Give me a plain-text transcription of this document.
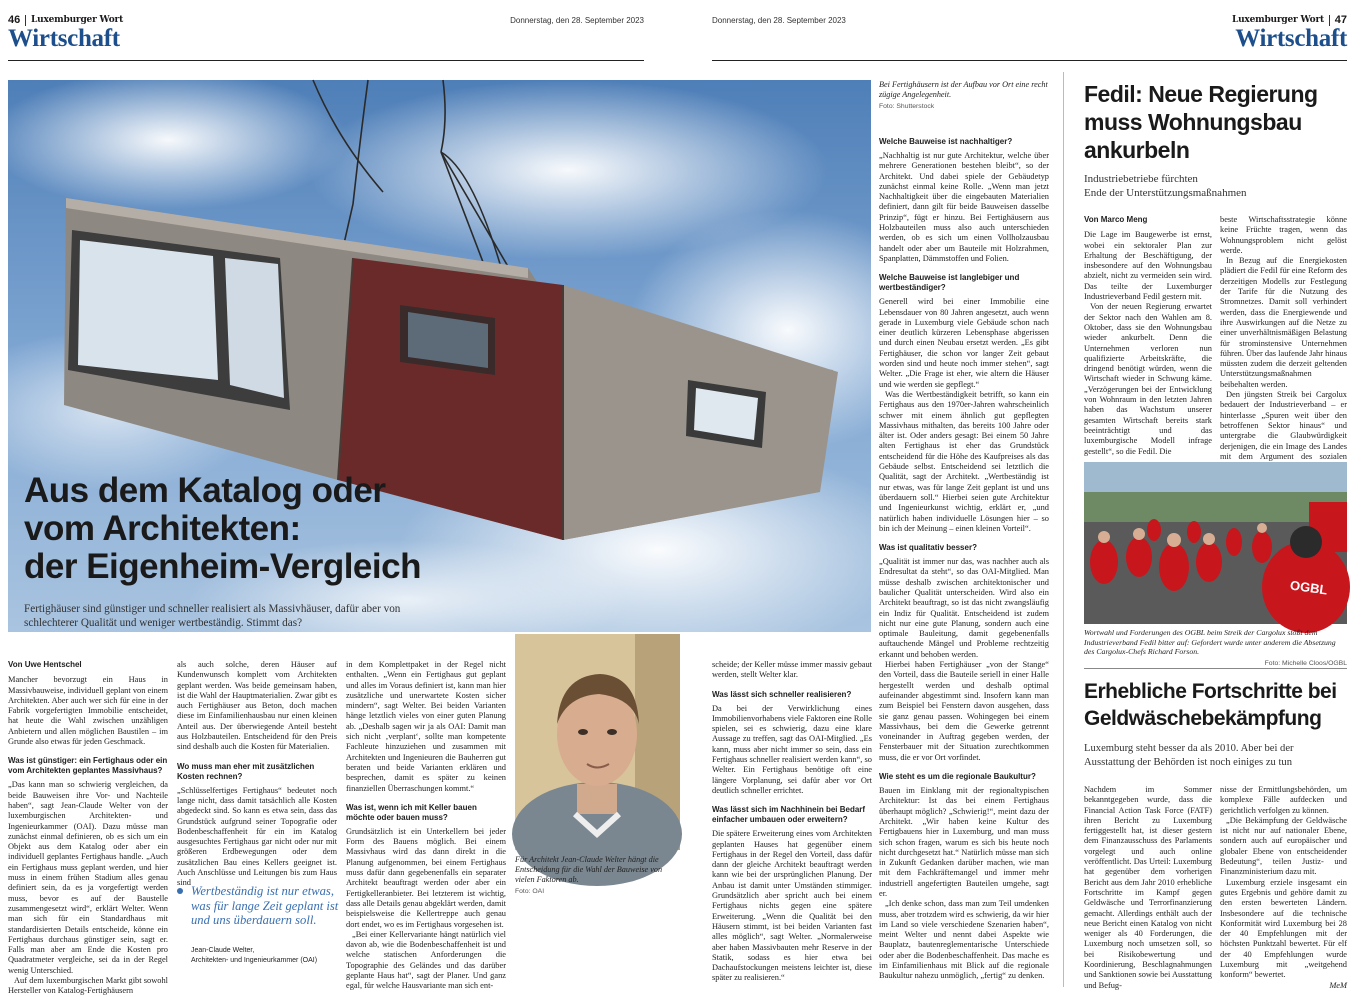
46 Luxemburger Wort	Donnerstag, den 28. September 2023
Wirtschaft
Donnerstag, den 28. September 2023	Luxemburger Wort 47
Wirtschaft
Aus dem Katalog oder
vom Architekten:
der Eigenheim-Vergleich
Fertighäuser sind günstiger und schneller realisiert als Massivhäuser, dafür aber von schlechterer Qualität und weniger wertbeständig. Stimmt das?
Bei Fertighäusern ist der Aufbau vor Ort eine recht zügige Angelegenheit.
Foto: Shutterstock
Von Uwe Hentschel

Mancher bevorzugt ein Haus in Massivbauweise, individuell geplant von einem Architekten. Aber auch wer sich für eine in der Fabrik vorgefertigten Immobilie entscheidet, hat heute die Wahl zwischen unzähligen Anbietern und allen möglichen Baustilen – im Grunde also etwas für jeden Geschmack.

Was ist günstiger: ein Fertighaus oder ein vom Architekten geplantes Massivhaus?

„Das kann man so schwierig vergleichen, da beide Bauweisen ihre Vor- und Nachteile haben“, sagt Jean-Claude Welter von der luxemburgischen Architekten- und Ingenieurkammer (OAI). Dazu müsse man zunächst einmal definieren, ob es sich um ein Objekt aus dem Katalog oder aber ein individuell geplantes Fertighaus handle. „Auch ein Fertighaus muss geplant werden, und hier muss in einem frühen Stadium alles genau definiert sein, da es ja vorgefertigt werden muss, bevor es auf der Baustelle zusammengesetzt wird“, erklärt Welter. Wenn man sich für ein Standardhaus mit standardisierten Details entscheide, könne ein Fertighaus durchaus günstiger sein, sagt er. Falls man aber am Ende die Kosten pro Quadratmeter vergleiche, sei da in der Regel wenig Unterschied.

Auf dem luxemburgischen Markt gibt sowohl Hersteller von Katalog-Fertighäusern

als auch solche, deren Häuser auf Kundenwunsch komplett vom Architekten geplant werden. Was beide gemeinsam haben, ist die Wahl der Hauptmaterialien. Zwar gibt es auch Fertighäuser aus Beton, doch machen diese im Einfamilienhausbau nur einen kleinen Anteil aus. Der überwiegende Anteil besteht aus Holzbauteilen. Entscheidend für den Preis sind deshalb auch die Kosten für Materialien.

Wo muss man eher mit zusätzlichen Kosten rechnen?

„Schlüsselfertiges Fertighaus“ bedeutet noch lange nicht, dass damit tatsächlich alle Kosten abgedeckt sind. So kann es etwa sein, dass das Grundstück aufgrund seiner Topografie oder Bodenbeschaffenheit für ein im Katalog ausgesuchtes Fertighaus gar nicht oder nur mit größeren Erdbewegungen oder dem zusätzlichen Bau eines Kellers geeignet ist. Auch Anschlüsse und Leitungen bis zum Haus sind

Wertbeständig ist nur etwas, was für lange Zeit geplant ist und uns überdauern soll.
Jean-Claude Welter,
Architekten- und Ingenieurkammer (OAI)

in dem Komplettpaket in der Regel nicht enthalten. „Wenn ein Fertighaus gut geplant und alles im Voraus definiert ist, kann man hier zusätzliche und unerwartete Kosten sicher mindern“, sagt Welter. Bei beiden Varianten hänge letztlich vieles von einer guten Planung ab. „Deshalb sagen wir ja als OAI: Damit man sich nicht ‚verplant‘, sollte man kompetente Fachleute hinzuziehen und zusammen mit Architekten und Ingenieuren die Bauherren gut beraten und beide Varianten erklären und besprechen, damit es später zu keinen finanziellen Überraschungen kommt.“

Was ist, wenn ich mit Keller bauen möchte oder bauen muss?

Grundsätzlich ist ein Unterkellern bei jeder Form des Bauens möglich. Bei einem Massivhaus wird das dann direkt in die Planung aufgenommen, bei einem Fertighaus muss dafür dann gegebenenfalls ein separater Architekt beauftragt werden oder aber ein Fertigkelleranbieter. Bei letzterem ist wichtig, dass alle Details genau abgeklärt werden, damit beispielsweise die Kellertreppe auch genau dort endet, wo es im Fertighaus vorgesehen ist.

„Bei einer Kellervariante hängt natürlich viel davon ab, wie die Bodenbeschaffenheit ist und welche statischen Anforderungen die Topographie des Geländes und das darüber geplante Haus hat“, sagt der Planer. Und ganz egal, für welche Hausvariante man sich ent-

Für Architekt Jean-Claude Welter hängt die Entscheidung für die Wahl der Bauweise von vielen Faktoren ab.
Foto: OAI

scheide; der Keller müsse immer massiv gebaut werden, stellt Welter klar.

Was lässt sich schneller realisieren?

Da bei der Verwirklichung eines Immobilienvorhabens viele Faktoren eine Rolle spielen, sei es schwierig, dazu eine klare Aussage zu treffen, sagt das OAI-Mitglied. „Es kann, muss aber nicht immer so sein, dass ein Fertighaus schneller realisiert werden kann“, so Welter. Ein Fertighaus benötige oft eine längere Vorplanung, sei dafür aber vor Ort deutlich schneller errichtet.

Was lässt sich im Nachhinein bei Bedarf einfacher umbauen oder erweitern?

Die spätere Erweiterung eines vom Architekten geplanten Hauses hat gegenüber einem Fertighaus in der Regel den Vorteil, dass dafür dann der gleiche Architekt beauftragt werden kann wie bei der ursprünglichen Planung. Der Anbau ist damit unter Umständen stimmiger. Grundsätzlich aber spricht auch bei einem Fertighaus nichts gegen eine spätere Erweiterung. „Wenn die Qualität bei den Häusern stimmt, ist bei beiden Varianten fast alles möglich“, sagt Welter. „Normalerweise aber haben Massivbauten mehr Reserve in der Statik, sodass es hier etwa bei Dachaufstockungen meistens leichter ist, diese später zu realisieren.“

Welche Bauweise ist nachhaltiger?

„Nachhaltig ist nur gute Architektur, welche über mehrere Generationen bestehen bleibt“, so der Architekt. Und dabei spiele der Gebäudetyp zunächst einmal keine Rolle. „Wenn man jetzt Nachhaltigkeit über die eingebauten Materialien definiert, dann gilt für beide Bauweisen dasselbe Prinzip“, fügt er hinzu. Bei Fertighäusern aus Holzbauteilen muss also auch unterschieden werden, ob es sich um einen Vollholzausbau handelt oder aber um Bauteile mit Holzrahmen, Spanplatten, Dämmstoffen und Folien.

Welche Bauweise ist langlebiger und wertbeständiger?

Generell wird bei einer Immobilie eine Lebensdauer von 80 Jahren angesetzt, auch wenn gerade in Luxemburg viele Gebäude schon nach einer deutlich kürzeren Lebensphase abgerissen und durch einen Neubau ersetzt werden. „Es gibt Fertighäuser, die schon vor langer Zeit gebaut worden sind und heute noch immer stehen“, sagt Welter. „Die Frage ist eher, wie altern die Häuser und wie werden sie gepflegt.“

Was die Wertbeständigkeit betrifft, so kann ein Fertighaus aus den 1970er-Jahren wahrscheinlich schwer mit einem ähnlich gut gepflegten Massivhaus mithalten, das bereits 100 Jahre oder älter ist. Oder anders gesagt: Bei einem 50 Jahre alten Fertighaus ist eher das Grundstück entscheidend für die Höhe des Kaufpreises als das Gebäude selbst. Entscheidend sei letztlich die Qualität, sagt der Architekt. „Wertbeständig ist nur etwas, was für lange Zeit geplant ist und uns überdauern soll.“ Hierbei seien gute Architektur und Ingenieurkunst wichtig, erklärt er, „und natürlich haben individuelle Lösungen hier – so bin ich der Meinung – einen kleinen Vorteil“.

Was ist qualitativ besser?

„Qualität ist immer nur das, was nachher auch als Endresultat da steht“, so das OAI-Mitglied. Man müsse deshalb zwischen architektonischer und baulicher Qualität unterscheiden. Wird also ein Architekt beauftragt, so ist das nicht zwangsläufig ein Indiz für Qualität. Entscheidend ist zudem nicht nur eine gute Planung, sondern auch eine optimale Bauleitung, damit gegebenenfalls auftauchende Mängel und Probleme rechtzeitig erkannt und behoben werden.

Hierbei haben Fertighäuser „von der Stange“ den Vorteil, dass die Bauteile seriell in einer Halle hergestellt werden und deshalb optimal aufeinander abgestimmt sind. Insofern kann man zum Beispiel bei Fenstern davon ausgehen, dass sie ganz genau passen. Wohingegen bei einem Massivhaus, bei dem die Gewerke getrennt voneinander in Auftrag gegeben werden, der Fensterbauer mit der Situation zurechtkommen muss, die er vor Ort vorfindet.

Wie steht es um die regionale Baukultur?

Bauen im Einklang mit der regionaltypischen Architektur: Ist das bei einem Fertighaus überhaupt möglich? „Schwierig!“, meint dazu der Architekt. „Wir haben keine Kultur des Fertigbauens hier in Luxemburg, und man muss sich schon fragen, warum es sich bis heute noch nicht durchgesetzt hat.“ Natürlich müsse man sich in Zukunft Gedanken darüber machen, wie man mit dem Fachkräftemangel und immer mehr industriell angefertigten Bauteilen umgehe, sagt er.

„Ich denke schon, dass man zum Teil umdenken muss, aber trotzdem wird es schwierig, da wir hier im Land so viele verschiedene Szenarien haben“, meint Welter und nennt dabei Aspekte wie Bauplatz, bautenreglementarische Unterschiede oder aber die Bodenbeschaffenheit. Das mache es im Einfamilienhaus mit Blick auf die regionale Baukultur nahezu unmöglich, „fertig“ zu denken.

Fedil: Neue Regierung
muss Wohnungsbau
ankurbeln
Industriebetriebe fürchten
Ende der Unterstützungsmaßnahmen
Von Marco Meng

Die Lage im Baugewerbe ist ernst, wobei ein sektoraler Plan zur Erhaltung der Beschäftigung, der insbesondere auf den Wohnungsbau abzielt, nicht zu vermeiden sein wird. Das teilte der Luxemburger Industrieverband Fedil gestern mit.

Von der neuen Regierung erwartet der Sektor nach den Wahlen am 8. Oktober, dass sie den Wohnungsbau wieder ankurbelt. Denn die Unternehmen verloren nun qualifizierte Arbeitskräfte, die dringend benötigt würden, wenn die Wirtschaft wieder in Schwung käme. „Verzögerungen bei der Entwicklung von Wohnraum in den letzten Jahren haben das Wachstum unserer gesamten Wirtschaft bereits stark beeinträchtigt und das luxemburgische Modell infrage gestellt“, so die Fedil. Die

beste Wirtschaftsstrategie könne keine Früchte tragen, wenn das Wohnungsproblem nicht gelöst werde.

In Bezug auf die Energiekosten plädiert die Fedil für eine Reform des derzeitigen Modells zur Festlegung der Tarife für die Nutzung des Stromnetzes. Damit soll verhindert werden, dass die Energiewende und ihre Auswirkungen auf die Netze zu einer unverhältnismäßigen Belastung für strominstensive Unternehmen führen. Über das laufende Jahr hinaus müssten zudem die derzeit geltenden Unterstützungsmaßnahmen beibehalten werden.

Den jüngsten Streik bei Cargolux bedauert der Industrieverband – er hinterlasse „Spuren weit über den betroffenen Sektor hinaus“ und untergrabe die Glaubwürdigkeit derjenigen, die ein Image des Landes mit dem Argument des sozialen

OGBL
Wortwahl und Forderungen des OGBL beim Streik der Cargolux stößt dem Industrieverband Fedil bitter auf: Gefordert wurde unter anderem die Absetzung des Cargolux-Chefs Richard Forson.
Foto: Michelle Cloos/OGBL
Erhebliche Fortschritte bei
Geldwäschebekämpfung
Luxemburg steht besser da als 2010. Aber bei der
Ausstattung der Behörden ist noch einiges zu tun

Nachdem im Sommer bekanntgegeben wurde, dass die Financial Action Task Force (FATF) ihren Bericht zu Luxemburg fertiggestellt hat, ist dieser gestern dem Finanzausschuss des Parlaments vorgelegt und auch online veröffentlicht. Das Urteil: Luxemburg hat gegenüber dem vorherigen Bericht aus dem Jahr 2010 erhebliche Fortschritte im Kampf gegen Geldwäsche und Terrorfinanzierung gemacht. Allerdings enthält auch der neue Bericht einen Katalog von nicht weniger als 40 Forderungen, die Luxemburg noch umsetzen soll, so bei Risikobewertung und Koordinierung, Beschlagnahmungen und Sanktionen sowie bei Ausstattung und Befug-

nisse der Ermittlungsbehörden, um komplexe Fälle aufdecken und gerichtlich verfolgen zu können.

„Die Bekämpfung der Geldwäsche ist nicht nur auf nationaler Ebene, sondern auch auf europäischer und globaler Ebene von entscheidender Bedeutung“, teilen Justiz- und Finanzministerium dazu mit.

Luxemburg erziele insgesamt ein gutes Ergebnis und gehöre damit zu den ersten bewerteten Ländern. Insbesondere auf die technische Konformität wird Luxemburg bei 28 der 40 Empfehlungen mit der höchsten Punktzahl bewertet. Für elf der 40 Empfehlungen wurde Luxemburg mit „weitgehend konform“ bewertet.

MeM
